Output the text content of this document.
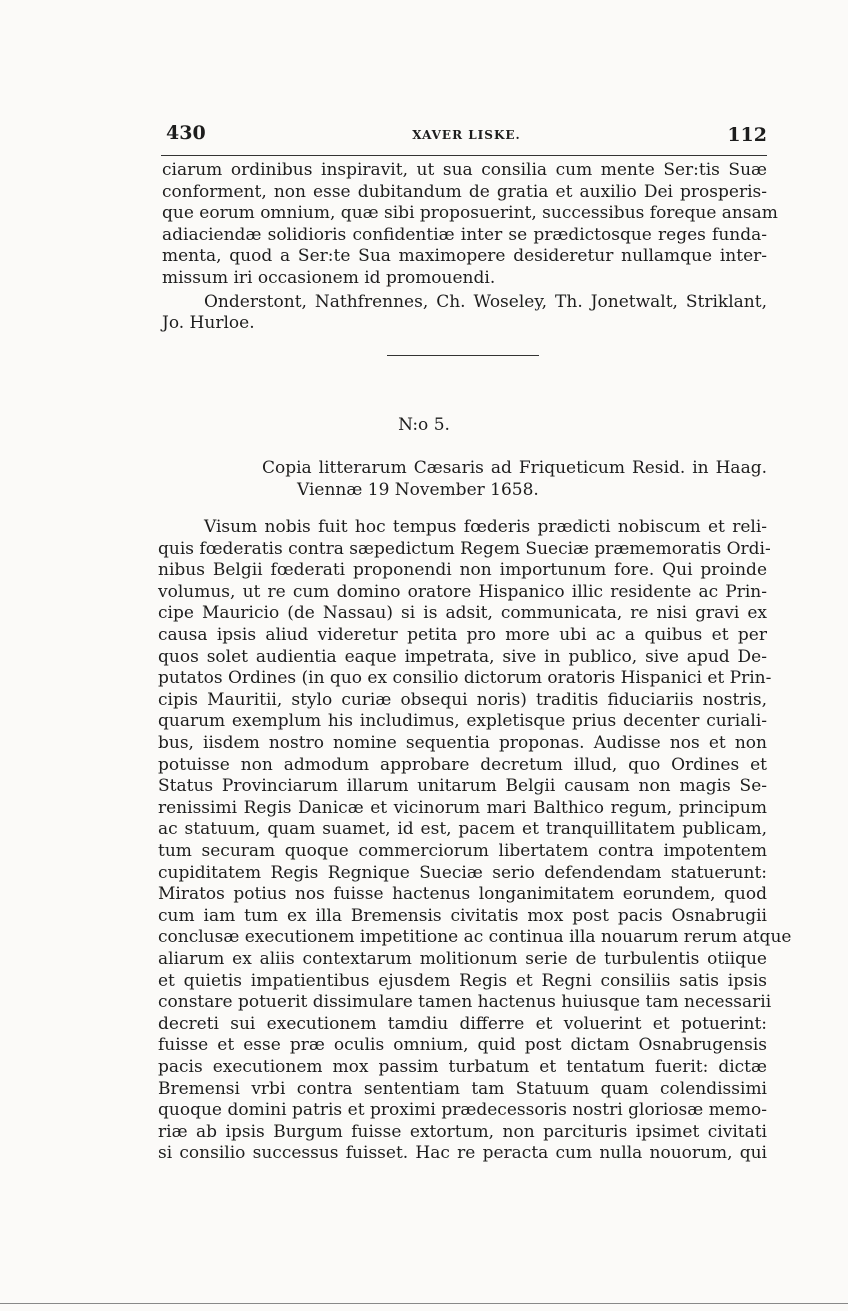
430	XAVER LISKE.	112
ciarum ordinibus inspiravit, ut sua consilia cum mente Ser:tis Suæ
conforment, non esse dubitandum de gratia et auxilio Dei prosperis-
que eorum omnium, quæ sibi proposuerint, successibus foreque ansam
adiaciendæ solidioris confidentiæ inter se prædictosque reges funda-
menta, quod a Ser:te Sua maximopere desideretur nullamque inter-
missum iri occasionem id promouendi.
Onderstont, Nathfrennes, Ch. Woseley, Th. Jonetwalt, Striklant,
Jo. Hurloe.
N:o 5.
Copia litterarum Cæsaris ad Friqueticum Resid. in Haag.
Viennæ 19 November 1658.
Visum nobis fuit hoc tempus fœderis prædicti nobiscum et reli-
quis fœderatis contra sæpedictum Regem Sueciæ præmemoratis Ordi-
nibus Belgii fœderati proponendi non importunum fore. Qui proinde
volumus, ut re cum domino oratore Hispanico illic residente ac Prin-
cipe Mauricio (de Nassau) si is adsit, communicata, re nisi gravi ex
causa ipsis aliud videretur petita pro more ubi ac a quibus et per
quos solet audientia eaque impetrata, sive in publico, sive apud De-
putatos Ordines (in quo ex consilio dictorum oratoris Hispanici et Prin-
cipis Mauritii, stylo curiæ obsequi noris) traditis fiduciariis nostris,
quarum exemplum his includimus, expletisque prius decenter curiali-
bus, iisdem nostro nomine sequentia proponas. Audisse nos et non
potuisse non admodum approbare decretum illud, quo Ordines et
Status Provinciarum illarum unitarum Belgii causam non magis Se-
renissimi Regis Danicæ et vicinorum mari Balthico regum, principum
ac statuum, quam suamet, id est, pacem et tranquillitatem publicam,
tum securam quoque commerciorum libertatem contra impotentem
cupiditatem Regis Regnique Sueciæ serio defendendam statuerunt:
Miratos potius nos fuisse hactenus longanimitatem eorundem, quod
cum iam tum ex illa Bremensis civitatis mox post pacis Osnabrugii
conclusæ executionem impetitione ac continua illa nouarum rerum atque
aliarum ex aliis contextarum molitionum serie de turbulentis otiique
et quietis impatientibus ejusdem Regis et Regni consiliis satis ipsis
constare potuerit dissimulare tamen hactenus huiusque tam necessarii
decreti sui executionem tamdiu differre et voluerint et potuerint:
fuisse et esse præ oculis omnium, quid post dictam Osnabrugensis
pacis executionem mox passim turbatum et tentatum fuerit: dictæ
Bremensi vrbi contra sententiam tam Statuum quam colendissimi
quoque domini patris et proximi prædecessoris nostri gloriosæ memo-
riæ ab ipsis Burgum fuisse extortum, non parcituris ipsimet civitati
si consilio successus fuisset. Hac re peracta cum nulla nouorum, qui
